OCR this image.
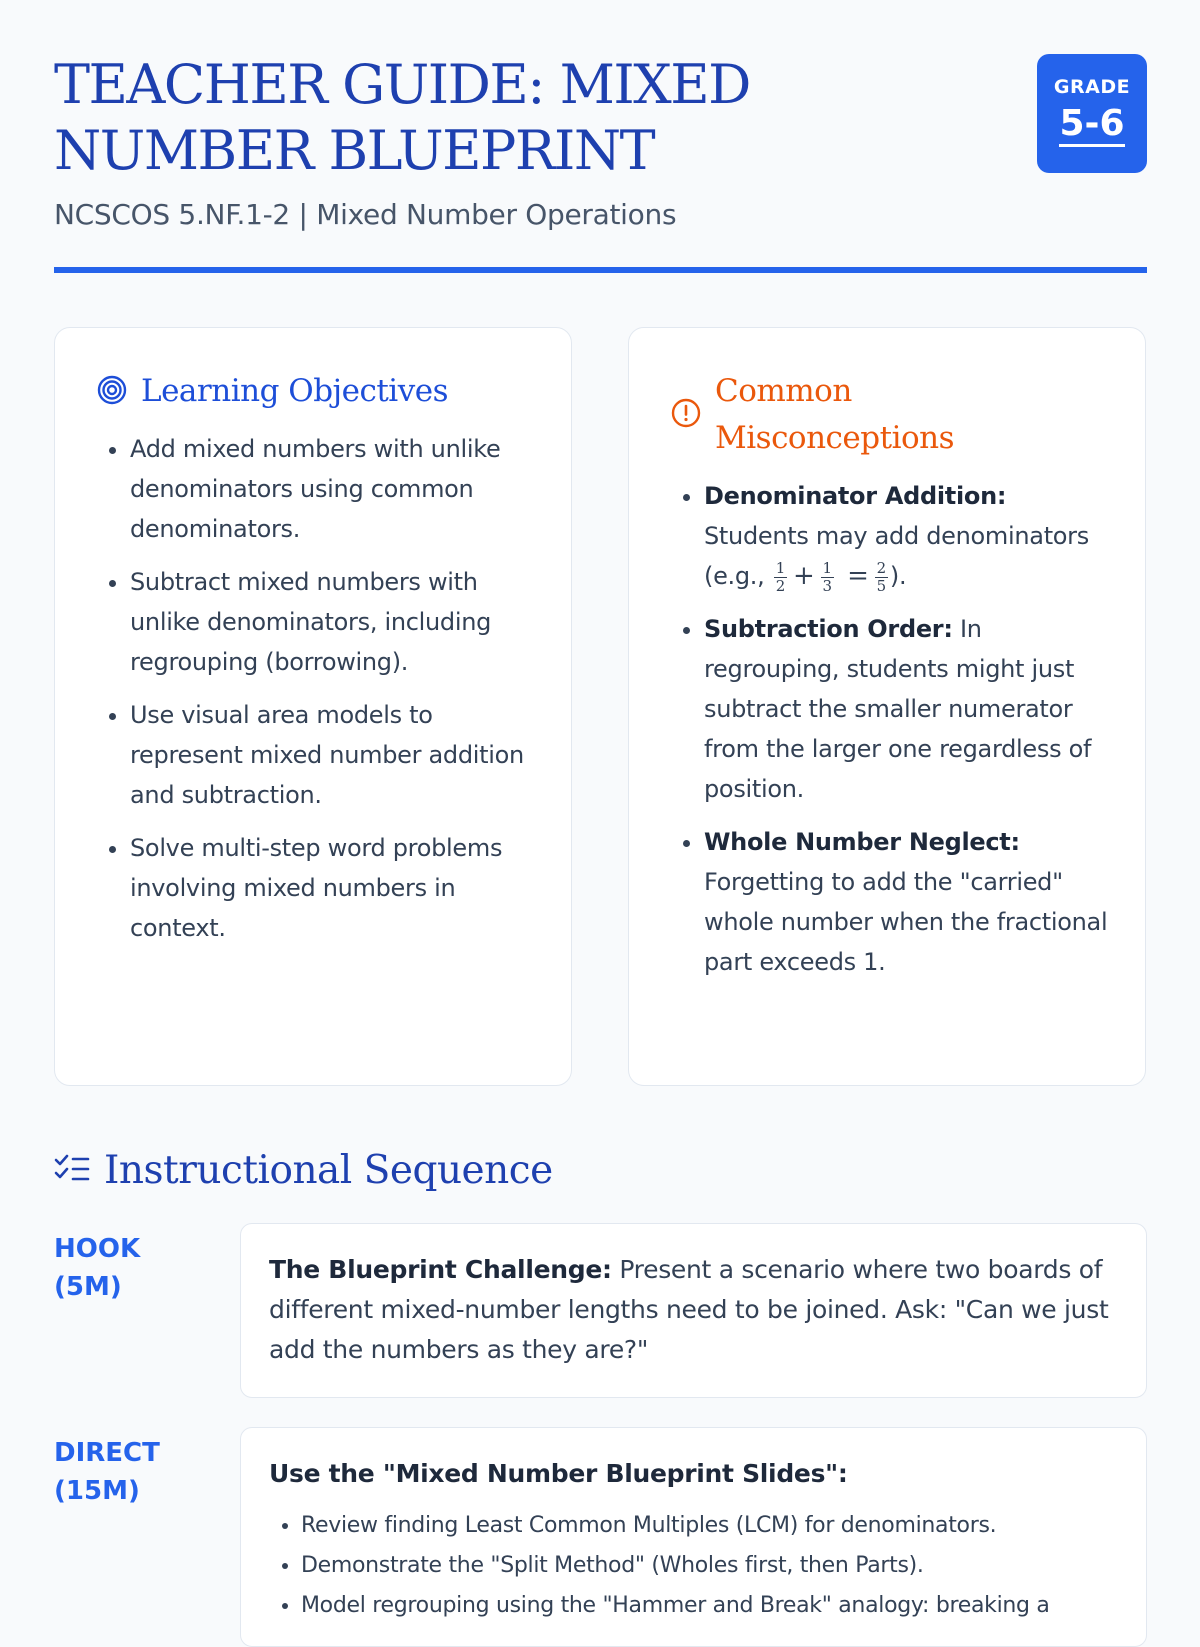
TEACHER GUIDE: MIXED NUMBER BLUEPRINT

NCSCOS 5.NF.1-2 | Mixed Number Operations

GRADE
5-6
Learning Objectives
• Add mixed numbers with unlike denominators using common denominators.
• Subtract mixed numbers with unlike denominators, including regrouping (borrowing).
• Use visual area models to represent mixed number addition and subtraction.
• Solve multi-step word problems involving mixed numbers in context.
Common Misconceptions
• Denominator Addition: Students may add denominators (e.g., $\frac{1}{2} + \frac{1}{3} = \frac{2}{5}$ ).
• Subtraction Order: In regrouping, students might just subtract the smaller numerator from the larger one regardless of position.
• Whole Number Neglect: Forgetting to add the "carried" whole number when the fractional part exceeds 1.
Instructional Sequence
HOOK (5M)

The Blueprint Challenge: Present a scenario where two boards of different mixed-number lengths need to be joined. Ask: "Can we just add the numbers as they are?"

DIRECT (15M)

Use the "Mixed Number Blueprint Slides":

• Review finding Least Common Multiples (LCM) for denominators.
• Demonstrate the "Split Method" (Wholes first, then Parts).
• Model regrouping using the "Hammer and Break" analogy: breaking a
